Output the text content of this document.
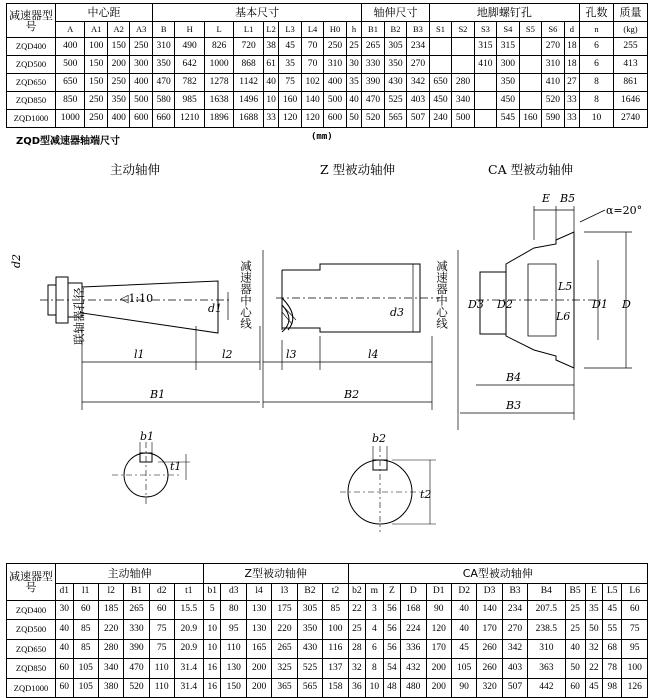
减速器型号	中心距				基本尺寸									轴伸尺寸			地脚螺钉孔							孔数	质量
	A	A1	A2	A3	B	H	L	L1	L2	L3	L4	H0	h	B1	B2	B3	S1	S2	S3	S4	S5	S6	d	n	(kg)
ZQD400	400	100	150	250	310	490	826	720	38	45	70	250	25	265	305	234			315	315		270	18	6	255
ZQD500	500	150	200	300	350	642	1000	868	61	35	70	310	30	330	350	270			410	300		310	18	6	413
ZQD650	650	150	250	400	470	782	1278	1142	40	75	102	400	35	390	430	342	650	280		350		410	27	8	861
ZQD850	850	250	350	500	580	985	1638	1496	10	160	140	500	40	470	525	403	450	340		450		520	33	8	1646
ZQD1000	1000	250	400	600	660	1210	1896	1688	33	120	120	600	50	520	565	507	240	500		545	160	590	33	10	2740
ZQD型减速器轴端尺寸	(mm)
主动轴伸	Z 型被动轴伸	CA 型被动轴伸
联轴器孔径
d2
◁1:10
d1
l1	l2
B1
减速器中心线	d3
l3	l4
B2
减速器中心线
E B5
α=20°
D
D1
D2
D3
L5
L6
B4
B3
b1
t1
b2
t2
减速器型号	主动轴伸						Z型被动轴伸						CA型被动轴伸												
	d1	l1	l2	B1	d2	t1	b1	d3	l4	l3	B2	t2	b2	m	Z	D	D1	D2	D3	B3	B4	B5	E	L5	L6
ZQD400	30	60	185	265	60	15.5	5	80	130	175	305	85	22	3	56	168	90	40	140	234	207.5	25	35	45	60
ZQD500	40	85	220	330	75	20.9	10	95	130	220	350	100	25	4	56	224	120	40	170	270	238.5	25	50	55	75
ZQD650	40	85	280	390	75	20.9	10	110	165	265	430	116	28	6	56	336	170	45	260	342	310	40	32	68	95
ZQD850	60	105	340	470	110	31.4	16	130	200	325	525	137	32	8	54	432	200	105	260	403	363	50	22	78	100
ZQD1000	60	105	380	520	110	31.4	16	150	200	365	565	158	36	10	48	480	200	90	320	507	442	60	45	98	126
